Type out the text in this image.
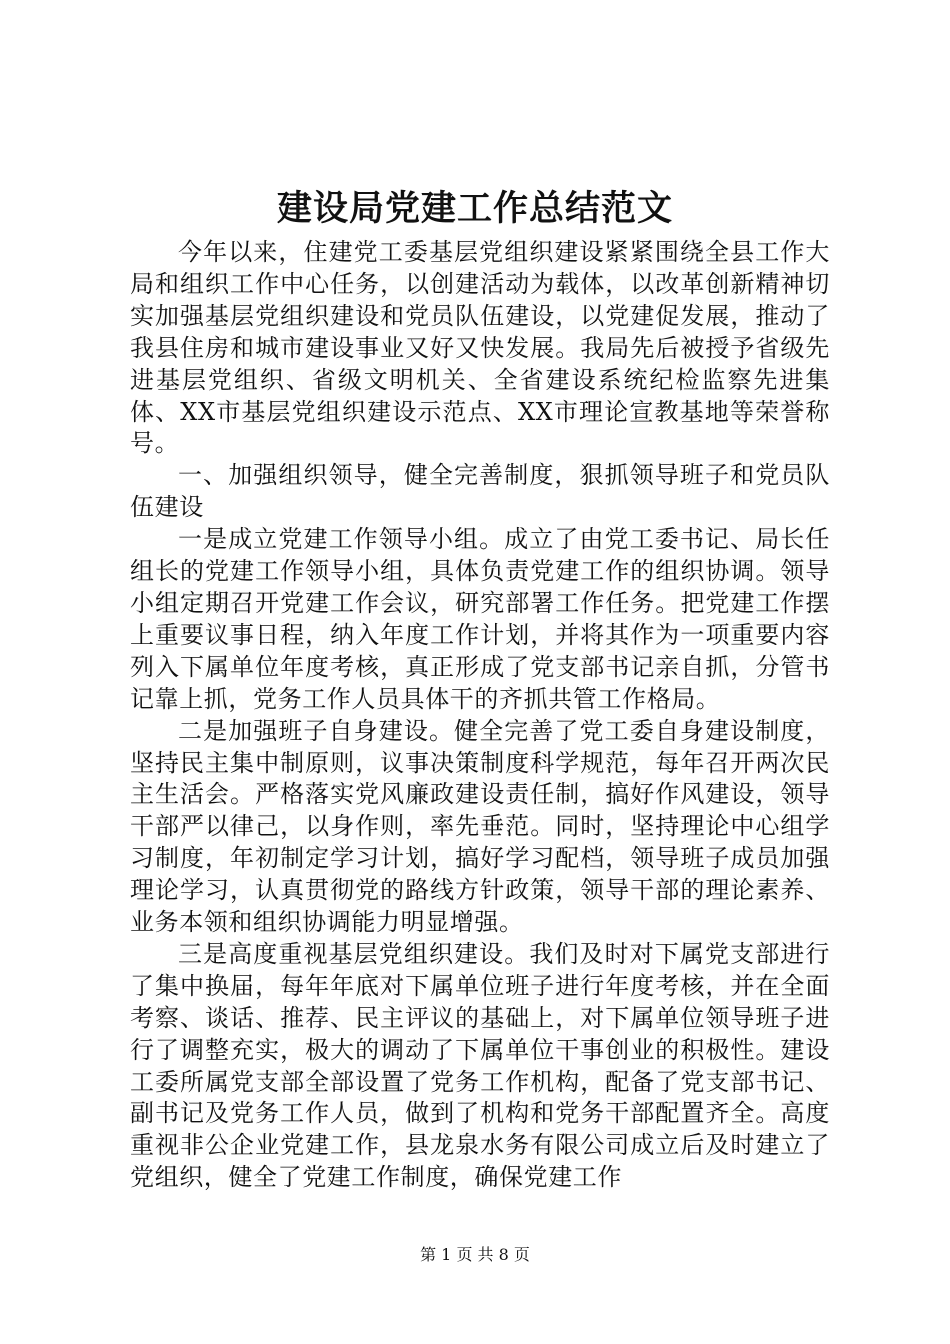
建设局党建工作总结范文

今年以来，住建党工委基层党组织建设紧紧围绕全县工作大局和组织工作中心任务，以创建活动为载体，以改革创新精神切实加强基层党组织建设和党员队伍建设，以党建促发展，推动了我县住房和城市建设事业又好又快发展。我局先后被授予省级先进基层党组织、省级文明机关、全省建设系统纪检监察先进集体、XX市基层党组织建设示范点、XX市理论宣教基地等荣誉称号。

一、加强组织领导，健全完善制度，狠抓领导班子和党员队伍建设

一是成立党建工作领导小组。成立了由党工委书记、局长任组长的党建工作领导小组，具体负责党建工作的组织协调。领导小组定期召开党建工作会议，研究部署工作任务。把党建工作摆上重要议事日程，纳入年度工作计划，并将其作为一项重要内容列入下属单位年度考核，真正形成了党支部书记亲自抓，分管书记靠上抓，党务工作人员具体干的齐抓共管工作格局。

二是加强班子自身建设。健全完善了党工委自身建设制度，坚持民主集中制原则，议事决策制度科学规范，每年召开两次民主生活会。严格落实党风廉政建设责任制，搞好作风建设，领导干部严以律己，以身作则，率先垂范。同时，坚持理论中心组学习制度，年初制定学习计划，搞好学习配档，领导班子成员加强理论学习，认真贯彻党的路线方针政策，领导干部的理论素养、业务本领和组织协调能力明显增强。

三是高度重视基层党组织建设。我们及时对下属党支部进行了集中换届，每年年底对下属单位班子进行年度考核，并在全面考察、谈话、推荐、民主评议的基础上，对下属单位领导班子进行了调整充实，极大的调动了下属单位干事创业的积极性。建设工委所属党支部全部设置了党务工作机构，配备了党支部书记、副书记及党务工作人员，做到了机构和党务干部配置齐全。高度重视非公企业党建工作，县龙泉水务有限公司成立后及时建立了党组织，健全了党建工作制度，确保党建工作

第 1 页 共 8 页
